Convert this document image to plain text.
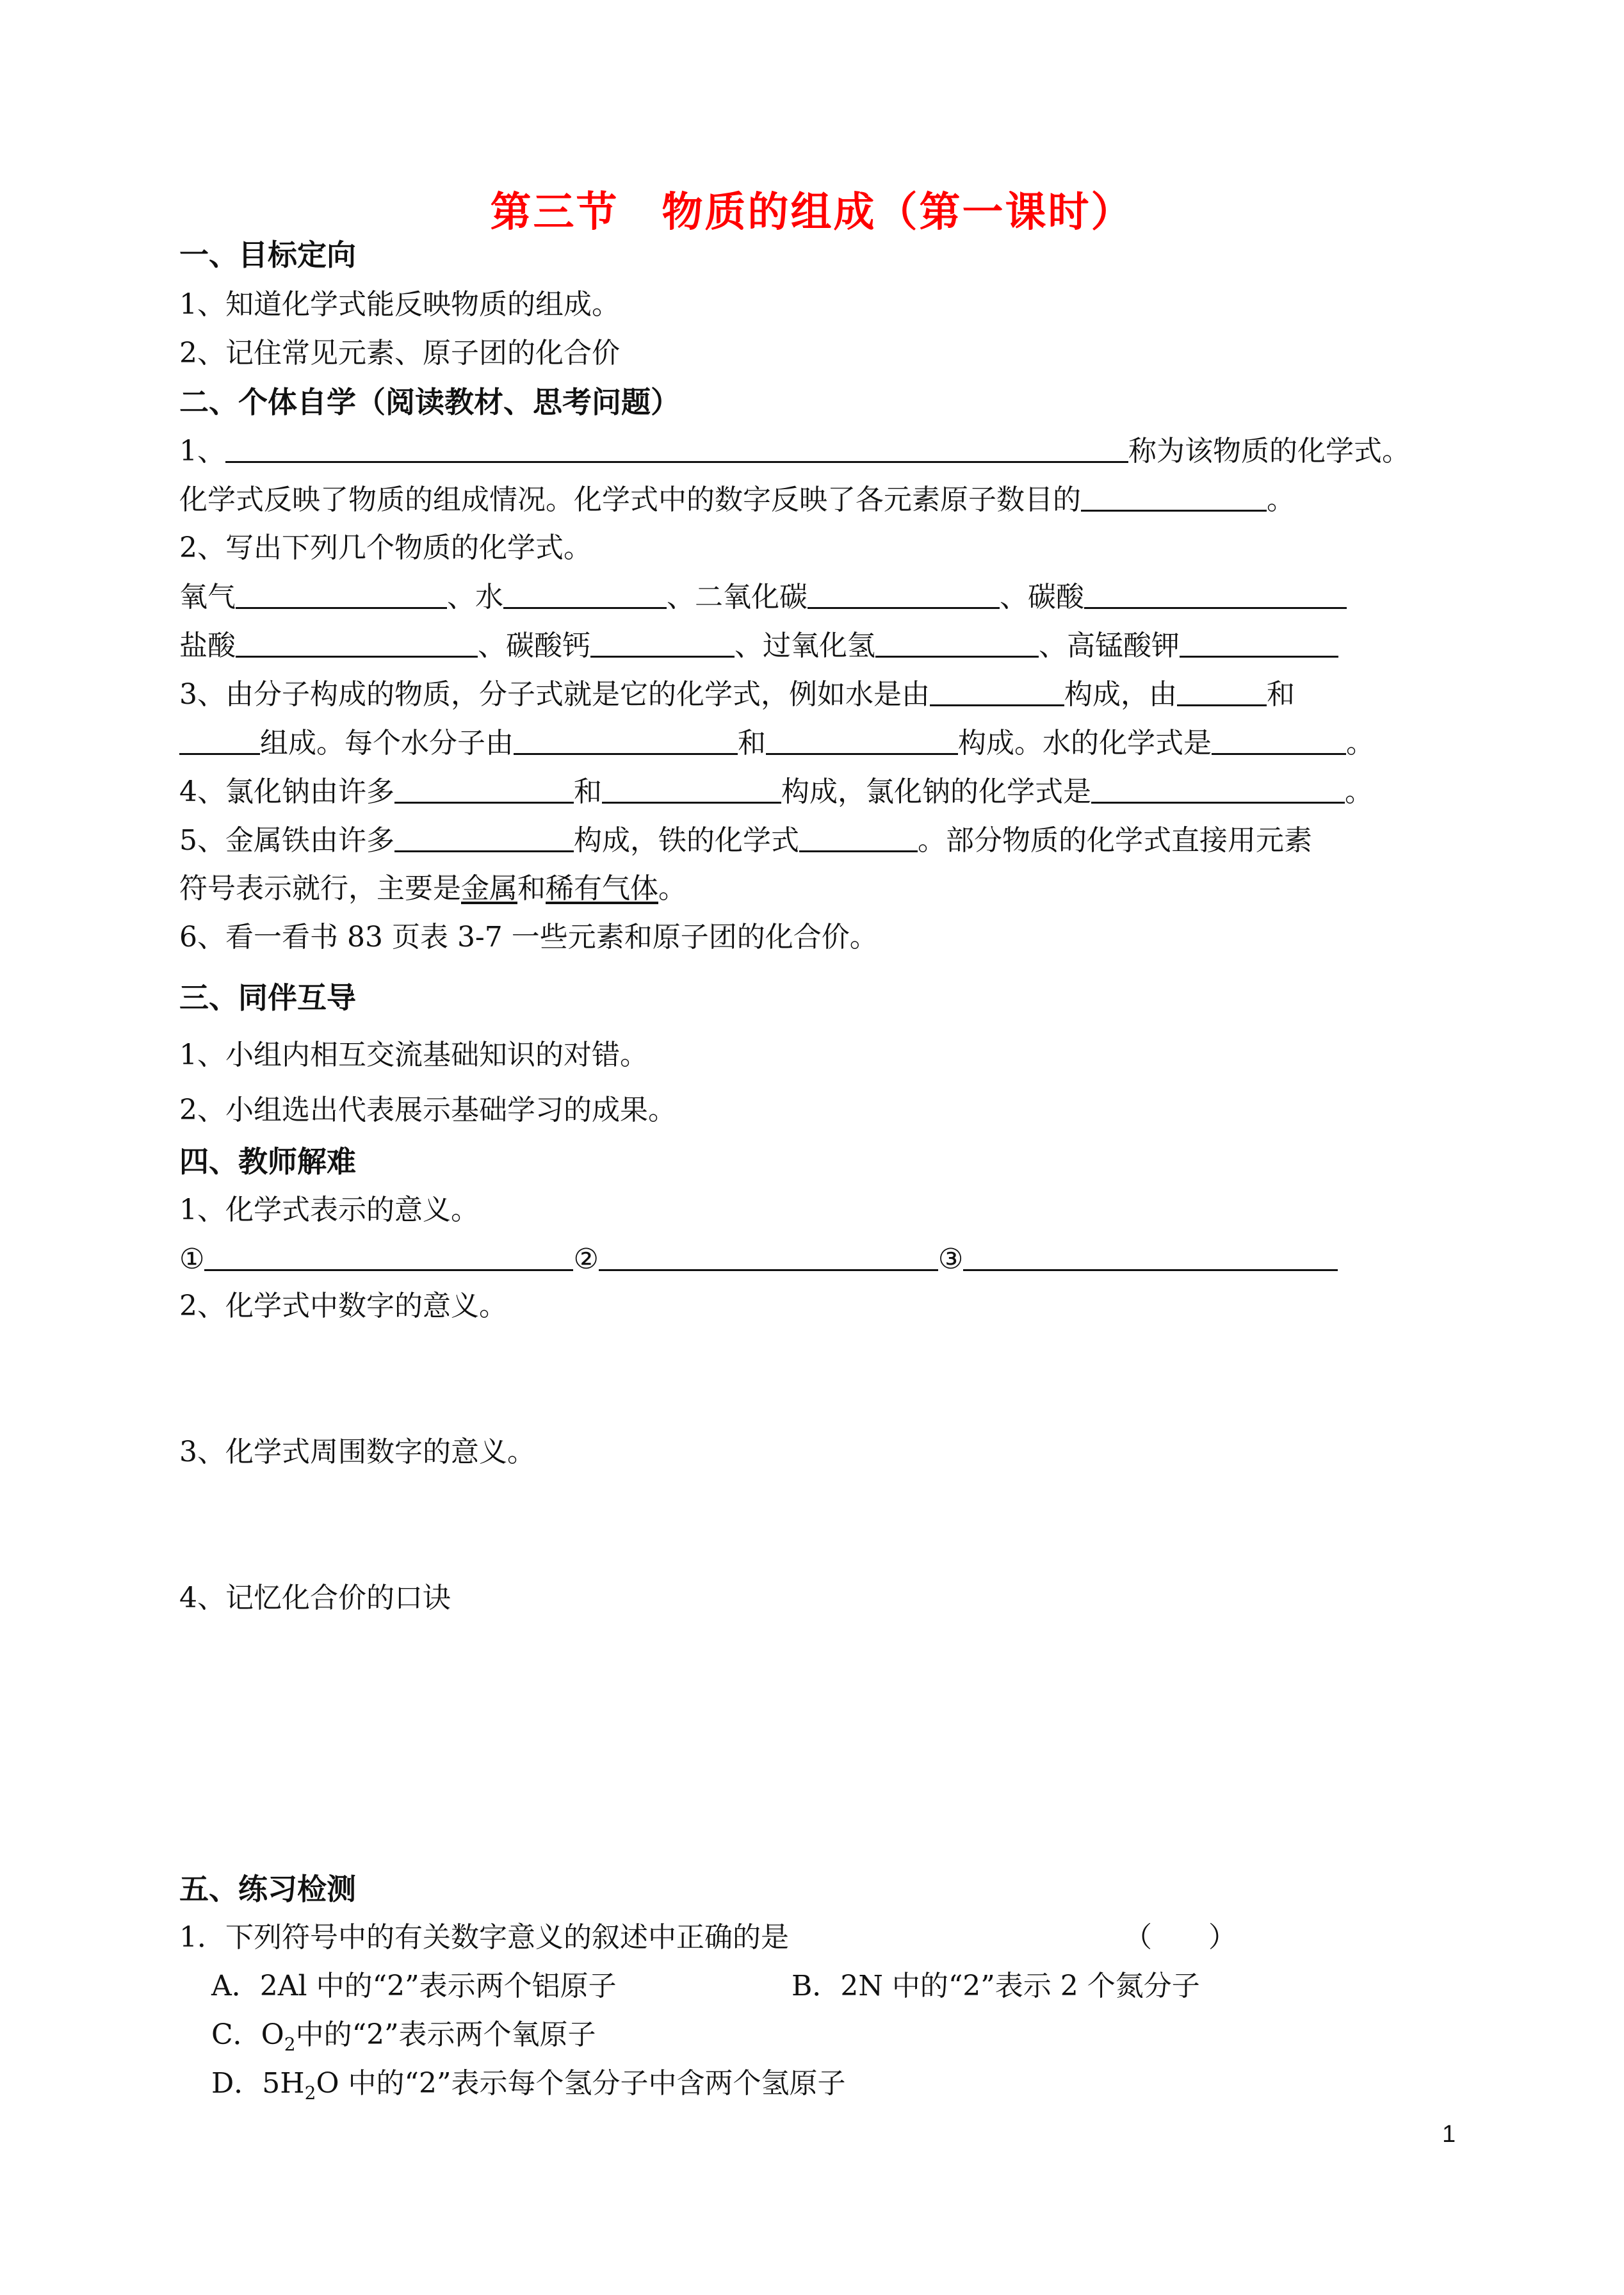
第三节　物质的组成（第一课时）
一、目标定向
1、知道化学式能反映物质的组成。
2、记住常见元素、原子团的化合价
二、个体自学（阅读教材、思考问题）
1、	称为该物质的化学式。
化学式反映了物质的组成情况。化学式中的数字反映了各元素原子数目的	。
2、写出下列几个物质的化学式。
氧气	、水	、二氧化碳	、碳酸
盐酸	、碳酸钙	、过氧化氢	、高锰酸钾
3、由分子构成的物质，分子式就是它的化学式，例如水是由	构成，由	和
组成。每个水分子由	和	构成。水的化学式是	。
4、氯化钠由许多	和	构成，氯化钠的化学式是	。
5、金属铁由许多	构成，铁的化学式	。部分物质的化学式直接用元素
符号表示就行，主要是金属和稀有气体。
6、看一看书 83 页表 3-7 一些元素和原子团的化合价。
三、同伴互导
1、小组内相互交流基础知识的对错。
2、小组选出代表展示基础学习的成果。
四、教师解难
1、化学式表示的意义。
①	②	③
2、化学式中数字的意义。
3、化学式周围数字的意义。
4、记忆化合价的口诀
五、练习检测
1．下列符号中的有关数字意义的叙述中正确的是	（　　）
A．2Al 中的“2”表示两个铝原子	B．2N 中的“2”表示 2 个氮分子
C．$O_2$中的“2”表示两个氧原子
D．$5H_2O$ 中的“2”表示每个氢分子中含两个氢原子
1
